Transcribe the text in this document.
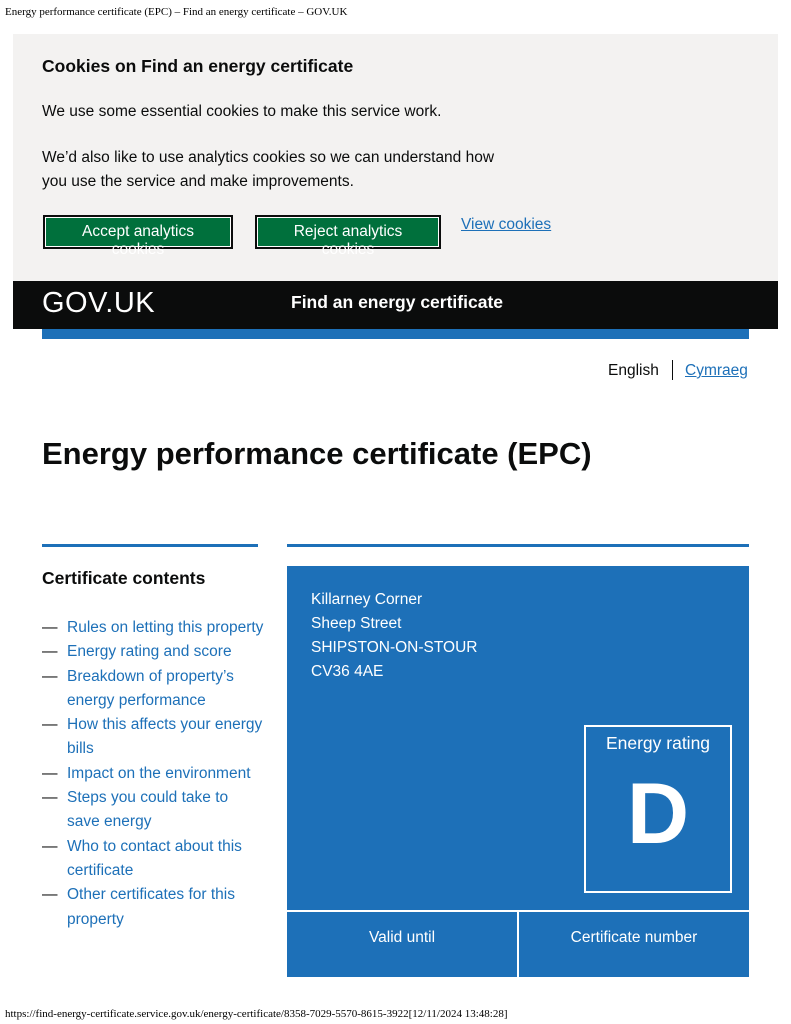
Energy performance certificate (EPC) – Find an energy certificate – GOV.UK
Cookies on Find an energy certificate

We use some essential cookies to make this service work.

We’d also like to use analytics cookies so we can understand how you use the service and make improvements.

Accept analytics cookies
Reject analytics cookies
View cookies
GOV.UK	Find an energy certificate
English Cymraeg
Energy performance certificate (EPC)
Certificate contents
— Rules on letting this property
— Energy rating and score
— Breakdown of property’s energy performance
— How this affects your energy bills
— Impact on the environment
— Steps you could take to save energy
— Who to contact about this certificate
— Other certificates for this property
Killarney Corner
Sheep Street
SHIPSTON-ON-STOUR
CV36 4AE
Energy rating
D
Valid until	Certificate number
https://find-energy-certificate.service.gov.uk/energy-certificate/8358-7029-5570-8615-3922[12/11/2024 13:48:28]
